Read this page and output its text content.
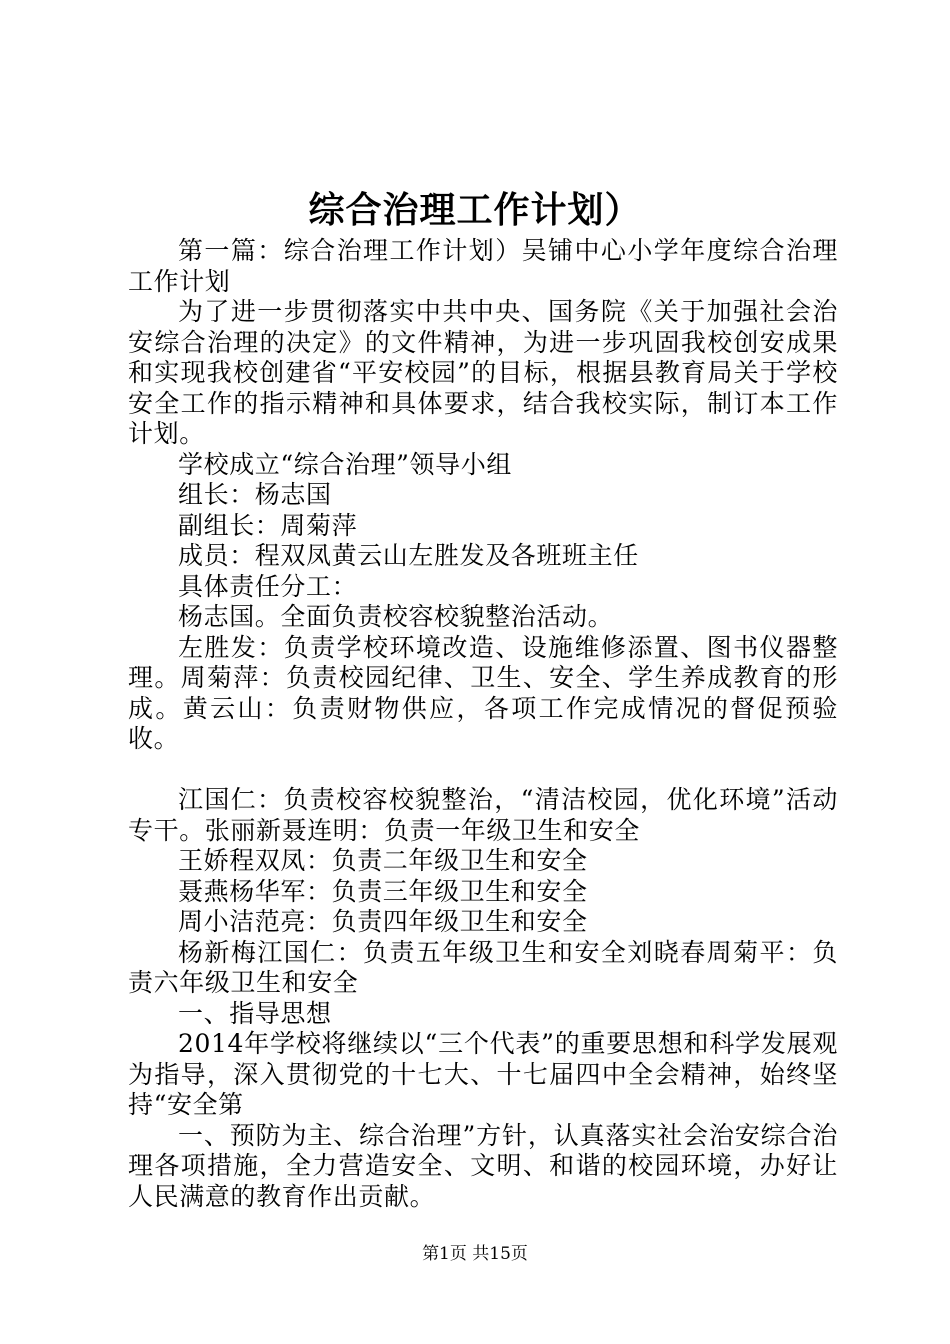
综合治理工作计划）

第一篇：综合治理工作计划）吴铺中心小学年度综合治理工作计划

为了进一步贯彻落实中共中央、国务院《关于加强社会治安综合治理的决定》的文件精神，为进一步巩固我校创安成果和实现我校创建省“平安校园”的目标，根据县教育局关于学校安全工作的指示精神和具体要求，结合我校实际，制订本工作计划。

学校成立“综合治理”领导小组

组长：杨志国

副组长：周菊萍

成员：程双凤黄云山左胜发及各班班主任

具体责任分工：

杨志国。全面负责校容校貌整治活动。

左胜发：负责学校环境改造、设施维修添置、图书仪器整理。周菊萍：负责校园纪律、卫生、安全、学生养成教育的形成。黄云山：负责财物供应，各项工作完成情况的督促预验收。

江国仁：负责校容校貌整治，“清洁校园，优化环境”活动专干。张丽新聂连明：负责一年级卫生和安全

王娇程双凤：负责二年级卫生和安全

聂燕杨华军：负责三年级卫生和安全

周小洁范亮：负责四年级卫生和安全

杨新梅江国仁：负责五年级卫生和安全刘晓春周菊平：负责六年级卫生和安全

一、指导思想

2014年学校将继续以“三个代表”的重要思想和科学发展观为指导，深入贯彻党的十七大、十七届四中全会精神，始终坚持“安全第

一、预防为主、综合治理”方针，认真落实社会治安综合治理各项措施，全力营造安全、文明、和谐的校园环境，办好让人民满意的教育作出贡献。

第1页 共15页
